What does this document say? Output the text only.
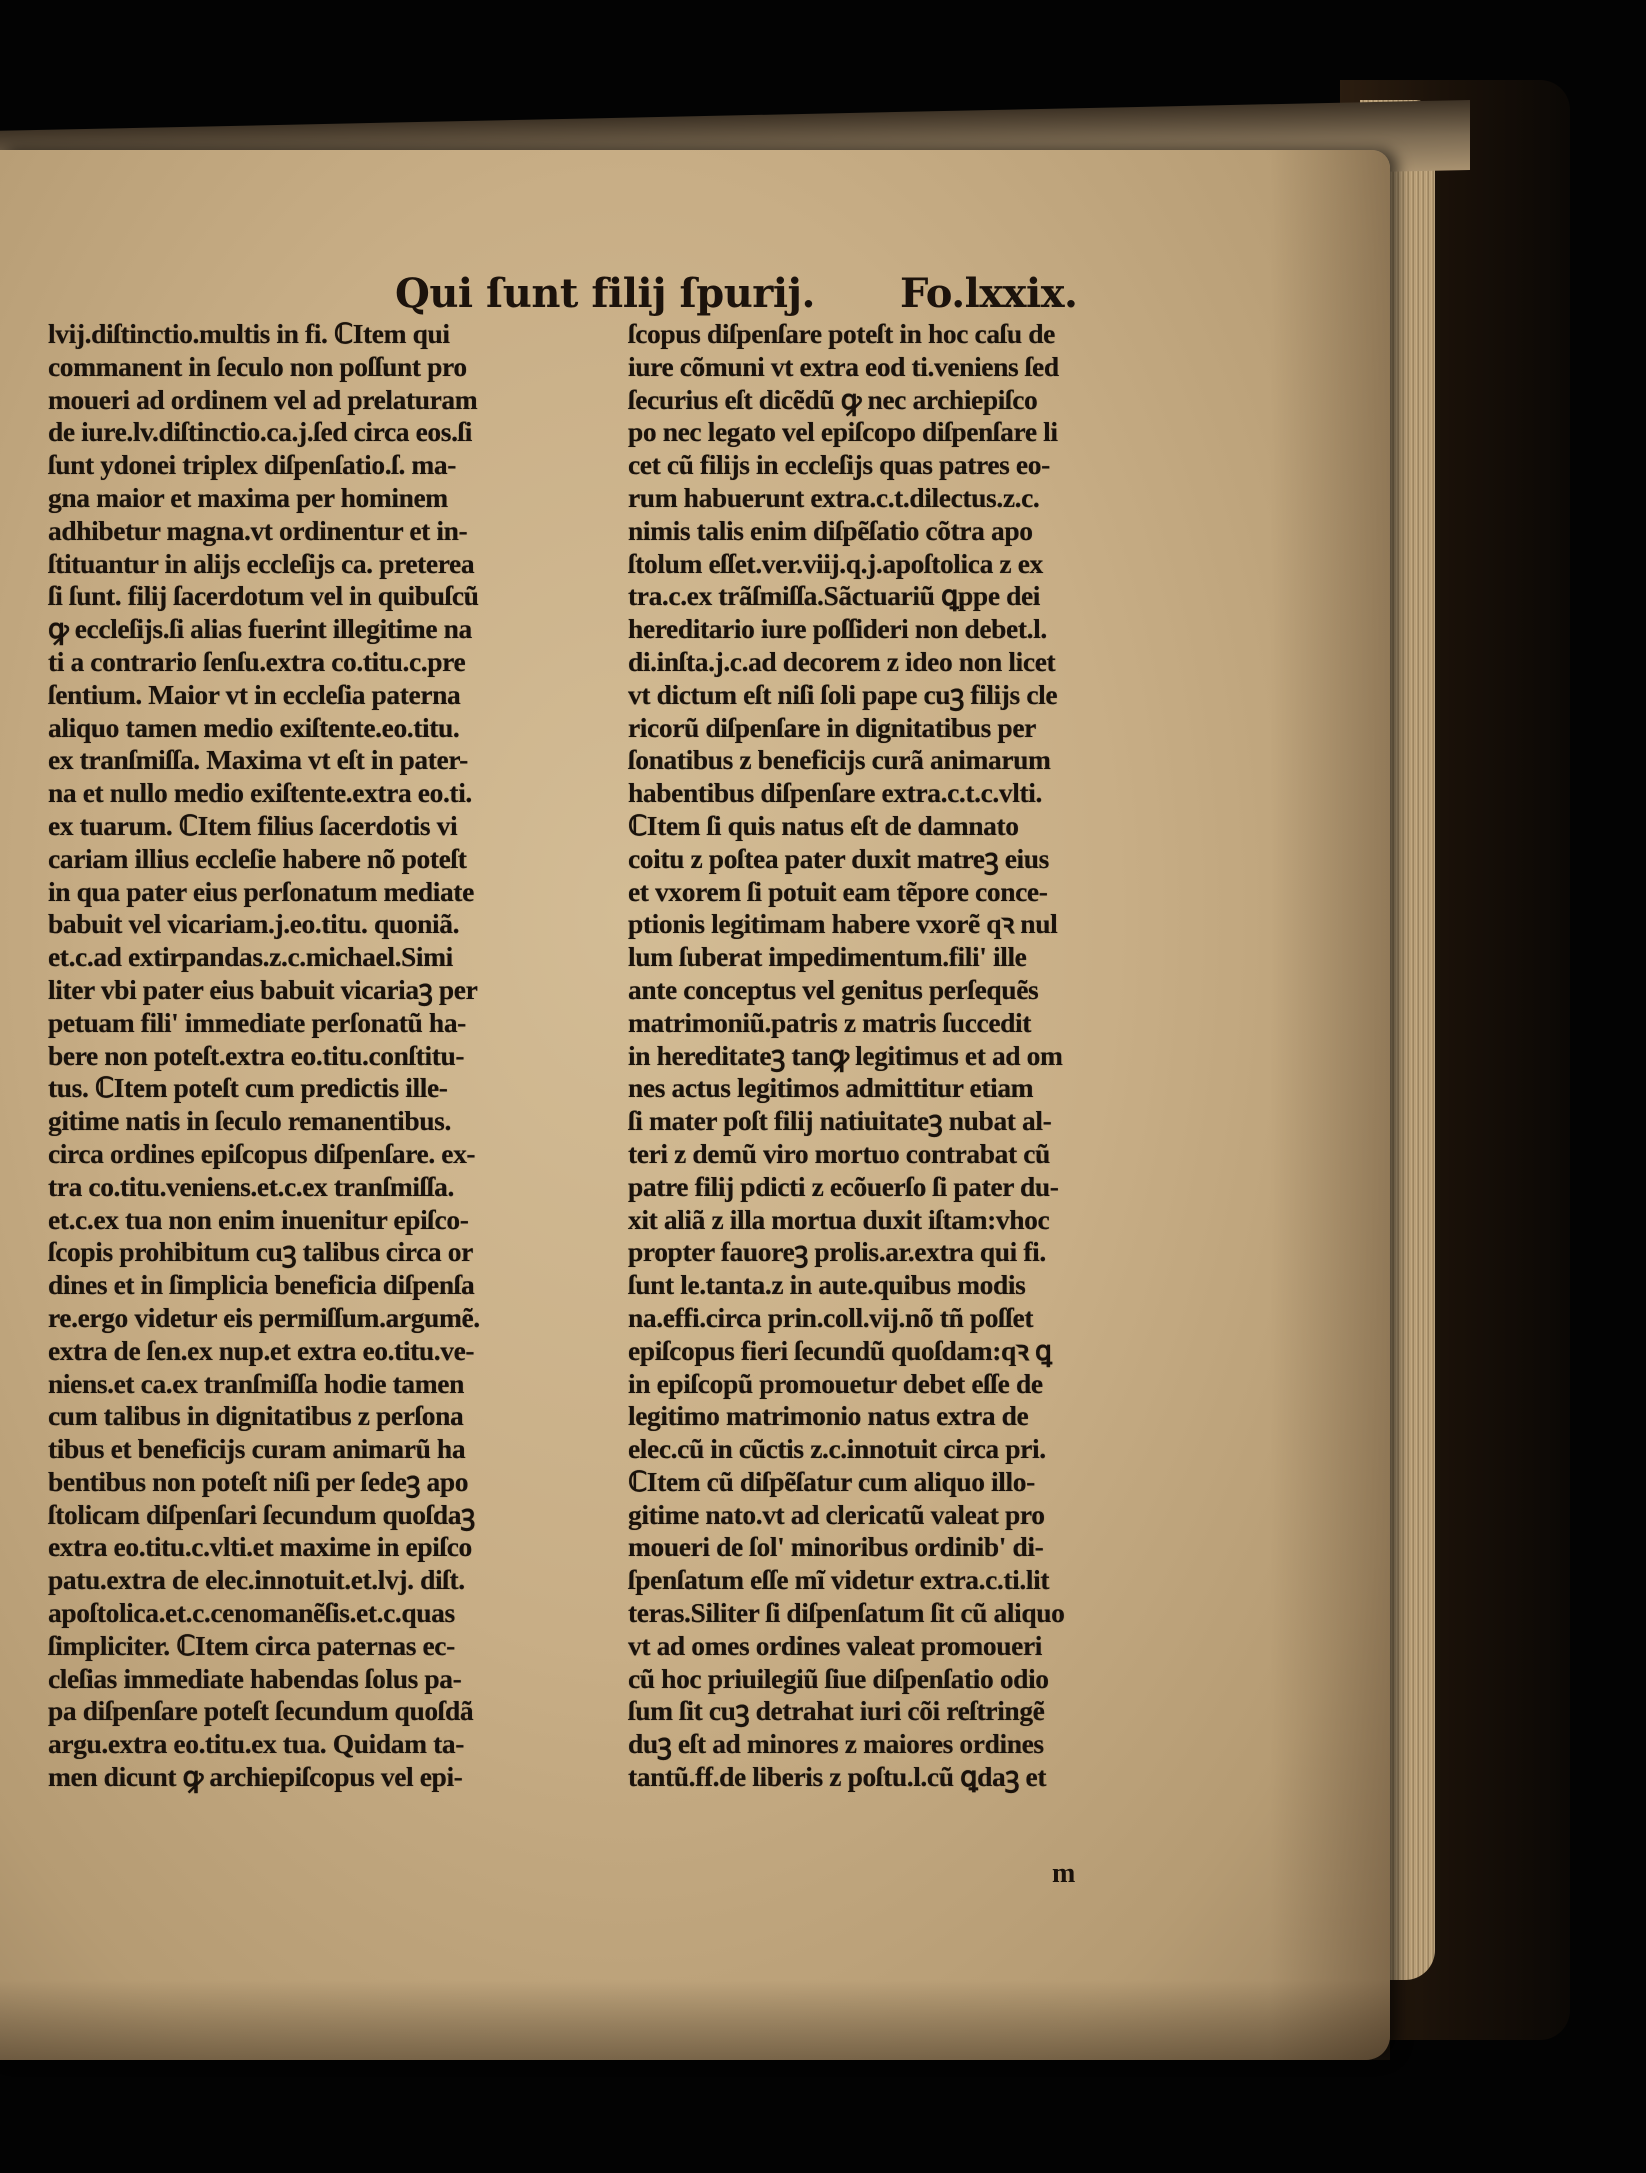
Qui ſunt filij ſpurij. Fo.lxxix.
lvij.diſtinctio.multis in fi. ℂItem qui
commanent in ſeculo non poſſunt pro
moueri ad ordinem vel ad prelaturam
de iure.lv.diſtinctio.ca.j.ſed circa eos.ſi
ſunt ydonei triplex diſpenſatio.ſ. ma-
gna maior et maxima per hominem
adhibetur magna.vt ordinentur et in-
ſtituantur in alijs eccleſijs ca. preterea
ſi ſunt. filij ſacerdotum vel in quibuſcũ
ꝙ eccleſijs.ſi alias fuerint illegitime na
ti a contrario ſenſu.extra co.titu.c.pre
ſentium. Maior vt in eccleſia paterna
aliquo tamen medio exiſtente.eo.titu.
ex tranſmiſſa. Maxima vt eſt in pater-
na et nullo medio exiſtente.extra eo.ti.
ex tuarum. ℂItem filius ſacerdotis vi
cariam illius eccleſie habere nõ poteſt
in qua pater eius perſonatum mediate
babuit vel vicariam.j.eo.titu. quoniã.
et.c.ad extirpandas.z.c.michael.Simi
liter vbi pater eius babuit vicariaꝫ per
petuam fili' immediate perſonatũ ha-
bere non poteſt.extra eo.titu.conſtitu-
tus. ℂItem poteſt cum predictis ille-
gitime natis in ſeculo remanentibus.
circa ordines epiſcopus diſpenſare. ex-
tra co.titu.veniens.et.c.ex tranſmiſſa.
et.c.ex tua non enim inuenitur epiſco-
ſcopis prohibitum cuꝫ talibus circa or
dines et in ſimplicia beneficia diſpenſa
re.ergo videtur eis permiſſum.argumẽ.
extra de ſen.ex nup.et extra eo.titu.ve-
niens.et ca.ex tranſmiſſa hodie tamen
cum talibus in dignitatibus z perſona
tibus et beneficijs curam animarũ ha
bentibus non poteſt niſi per ſedeꝫ apo
ſtolicam diſpenſari ſecundum quoſdaꝫ
extra eo.titu.c.vlti.et maxime in epiſco
patu.extra de elec.innotuit.et.lvj. diſt.
apoſtolica.et.c.cenomanẽſis.et.c.quas
ſimpliciter. ℂItem circa paternas ec-
cleſias immediate habendas ſolus pa-
pa diſpenſare poteſt ſecundum quoſdã
argu.extra eo.titu.ex tua. Quidam ta-
men dicunt ꝙ archiepiſcopus vel epi-
ſcopus diſpenſare poteſt in hoc caſu de
iure cõmuni vt extra eod ti.veniens ſed
ſecurius eſt dicẽdũ ꝙ nec archiepiſco
po nec legato vel epiſcopo diſpenſare li
cet cũ filijs in eccleſijs quas patres eo-
rum habuerunt extra.c.t.dilectus.z.c.
nimis talis enim diſpẽſatio cõtra apo
ſtolum eſſet.ver.viij.q.j.apoſtolica z ex
tra.c.ex trãſmiſſa.Sãctuariũ ꝗppe dei
hereditario iure poſſideri non debet.l.
di.inſta.j.c.ad decorem z ideo non licet
vt dictum eſt niſi ſoli pape cuꝫ filijs cle
ricorũ diſpenſare in dignitatibus per
ſonatibus z beneficijs curã animarum
habentibus diſpenſare extra.c.t.c.vlti.
ℂItem ſi quis natus eſt de damnato
coitu z poſtea pater duxit matreꝫ eius
et vxorem ſi potuit eam tẽpore conce-
ptionis legitimam habere vxorẽ qꝛ nul
lum ſuberat impedimentum.fili' ille
ante conceptus vel genitus perſequẽs
matrimoniũ.patris z matris ſuccedit
in hereditateꝫ tanꝙ legitimus et ad om
nes actus legitimos admittitur etiam
ſi mater poſt filij natiuitateꝫ nubat al-
teri z demũ viro mortuo contrabat cũ
patre filij pdicti z ecõuerſo ſi pater du-
xit aliã z illa mortua duxit iſtam:vhoc
propter fauoreꝫ prolis.ar.extra qui fi.
ſunt le.tanta.z in aute.quibus modis
na.effi.circa prin.coll.vij.nõ tñ poſſet
epiſcopus fieri ſecundũ quoſdam:qꝛ ꝗ
in epiſcopũ promouetur debet eſſe de
legitimo matrimonio natus extra de
elec.cũ in cũctis z.c.innotuit circa pri.
ℂItem cũ diſpẽſatur cum aliquo illo-
gitime nato.vt ad clericatũ valeat pro
moueri de ſol' minoribus ordinib' di-
ſpenſatum eſſe mĩ videtur extra.c.ti.lit
teras.Siliter ſi diſpenſatum ſit cũ aliquo
vt ad omes ordines valeat promoueri
cũ hoc priuilegiũ ſiue diſpenſatio odio
ſum ſit cuꝫ detrahat iuri cõi reſtringẽ
duꝫ eſt ad minores z maiores ordines
tantũ.ff.de liberis z poſtu.l.cũ ꝗdaꝫ et
m
